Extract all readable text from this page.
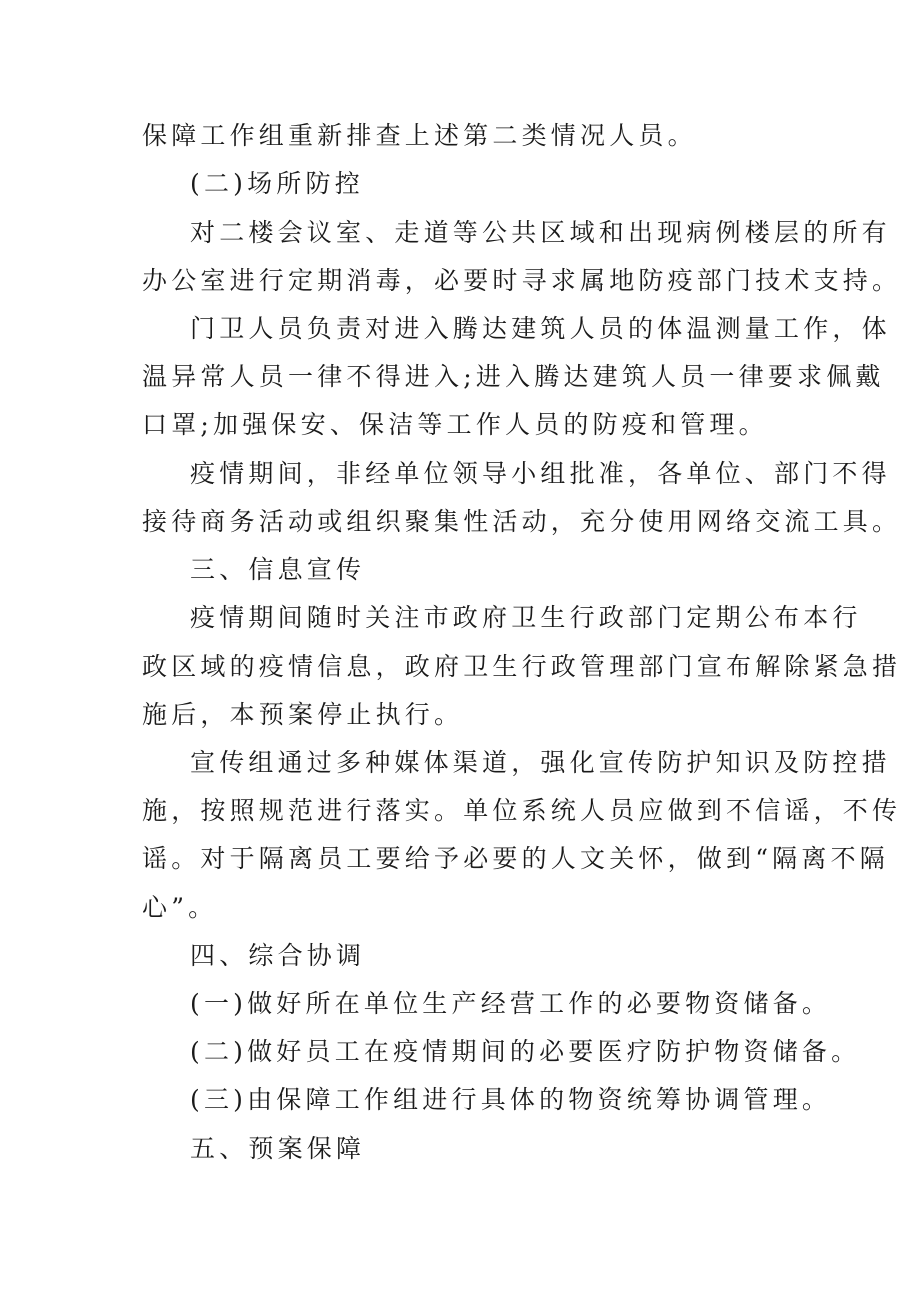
保障工作组重新排查上述第二类情况人员。
(二)场所防控
对二楼会议室、走道等公共区域和出现病例楼层的所有
办公室进行定期消毒，必要时寻求属地防疫部门技术支持。
门卫人员负责对进入腾达建筑人员的体温测量工作，体
温异常人员一律不得进入;进入腾达建筑人员一律要求佩戴
口罩;加强保安、保洁等工作人员的防疫和管理。
疫情期间，非经单位领导小组批准，各单位、部门不得
接待商务活动或组织聚集性活动，充分使用网络交流工具。
三、信息宣传
疫情期间随时关注市政府卫生行政部门定期公布本行
政区域的疫情信息，政府卫生行政管理部门宣布解除紧急措
施后，本预案停止执行。
宣传组通过多种媒体渠道，强化宣传防护知识及防控措
施，按照规范进行落实。单位系统人员应做到不信谣，不传
谣。对于隔离员工要给予必要的人文关怀，做到“隔离不隔
心”。
四、综合协调
(一)做好所在单位生产经营工作的必要物资储备。
(二)做好员工在疫情期间的必要医疗防护物资储备。
(三)由保障工作组进行具体的物资统筹协调管理。
五、预案保障
